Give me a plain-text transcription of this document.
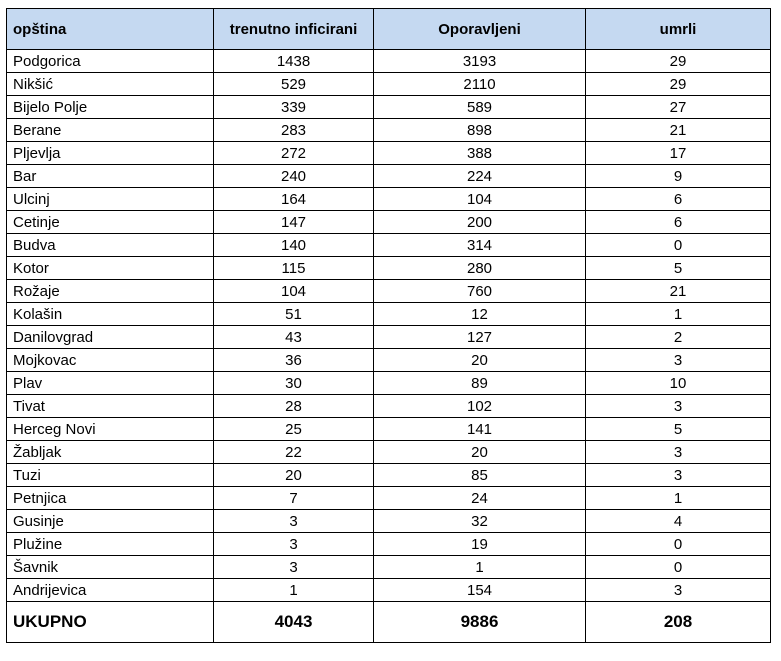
opština	trenutno inficirani	Oporavljeni	umrli
Podgorica	1438	3193	29
Nikšić	529	2110	29
Bijelo Polje	339	589	27
Berane	283	898	21
Pljevlja	272	388	17
Bar	240	224	9
Ulcinj	164	104	6
Cetinje	147	200	6
Budva	140	314	0
Kotor	115	280	5
Rožaje	104	760	21
Kolašin	51	12	1
Danilovgrad	43	127	2
Mojkovac	36	20	3
Plav	30	89	10
Tivat	28	102	3
Herceg Novi	25	141	5
Žabljak	22	20	3
Tuzi	20	85	3
Petnjica	7	24	1
Gusinje	3	32	4
Plužine	3	19	0
Šavnik	3	1	0
Andrijevica	1	154	3
UKUPNO	4043	9886	208
